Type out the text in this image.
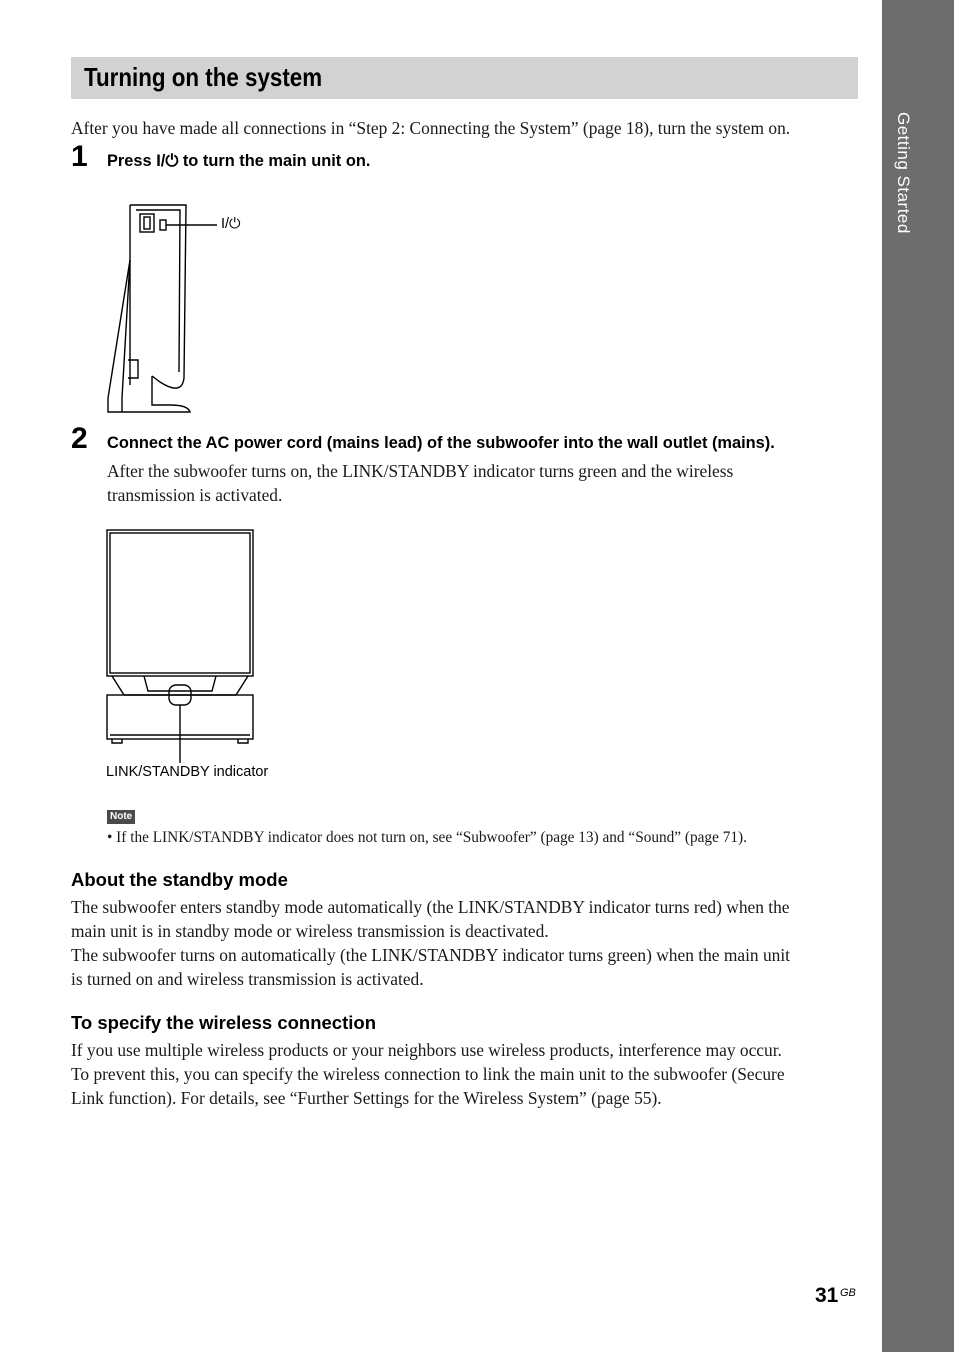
Getting Started
Turning on the system
After you have made all connections in “Step 2: Connecting the System” (page 18), turn the system on.
1 Press I/⏻ to turn the main unit on.
I/⏻
2 Connect the AC power cord (mains lead) of the subwoofer into the wall outlet (mains).
After the subwoofer turns on, the LINK/STANDBY indicator turns green and the wireless
transmission is activated.
LINK/STANDBY indicator
Note
• If the LINK/STANDBY indicator does not turn on, see “Subwoofer” (page 13) and “Sound” (page 71).
About the standby mode
The subwoofer enters standby mode automatically (the LINK/STANDBY indicator turns red) when the
main unit is in standby mode or wireless transmission is deactivated.
The subwoofer turns on automatically (the LINK/STANDBY indicator turns green) when the main unit
is turned on and wireless transmission is activated.
To specify the wireless connection
If you use multiple wireless products or your neighbors use wireless products, interference may occur.
To prevent this, you can specify the wireless connection to link the main unit to the subwoofer (Secure
Link function). For details, see “Further Settings for the Wireless System” (page 55).
31 GB
